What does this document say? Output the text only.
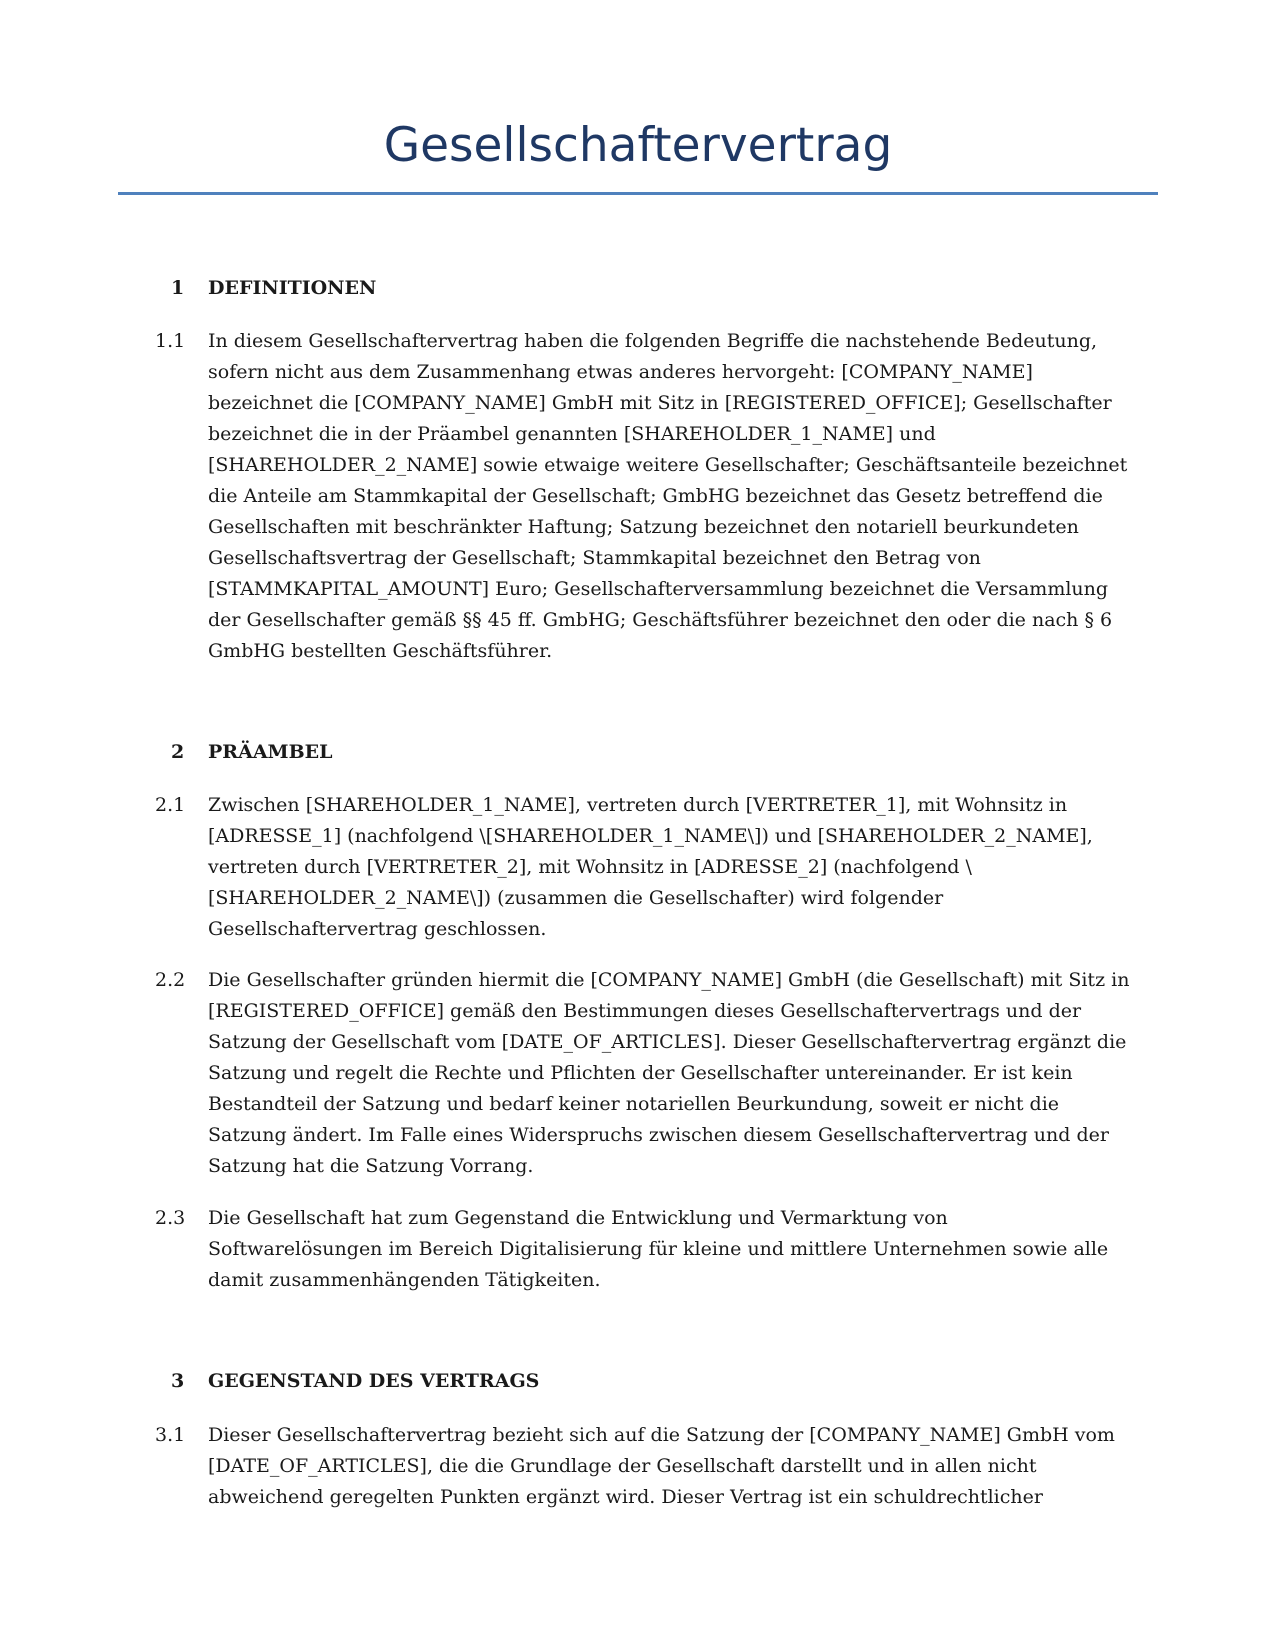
Gesellschaftervertrag
1 DEFINITIONEN
1.1	In diesem Gesellschaftervertrag haben die folgenden Begriffe die nachstehende Bedeutung,
sofern nicht aus dem Zusammenhang etwas anderes hervorgeht: [COMPANY_NAME]
bezeichnet die [COMPANY_NAME] GmbH mit Sitz in [REGISTERED_OFFICE]; Gesellschafter
bezeichnet die in der Präambel genannten [SHAREHOLDER_1_NAME] und
[SHAREHOLDER_2_NAME] sowie etwaige weitere Gesellschafter; Geschäftsanteile bezeichnet
die Anteile am Stammkapital der Gesellschaft; GmbHG bezeichnet das Gesetz betreffend die
Gesellschaften mit beschränkter Haftung; Satzung bezeichnet den notariell beurkundeten
Gesellschaftsvertrag der Gesellschaft; Stammkapital bezeichnet den Betrag von
[STAMMKAPITAL_AMOUNT] Euro; Gesellschafterversammlung bezeichnet die Versammlung
der Gesellschafter gemäß §§ 45 ff. GmbHG; Geschäftsführer bezeichnet den oder die nach § 6
GmbHG bestellten Geschäftsführer.
2 PRÄAMBEL
2.1	Zwischen [SHAREHOLDER_1_NAME], vertreten durch [VERTRETER_1], mit Wohnsitz in
[ADRESSE_1] (nachfolgend \[SHAREHOLDER_1_NAME\]) und [SHAREHOLDER_2_NAME],
vertreten durch [VERTRETER_2], mit Wohnsitz in [ADRESSE_2] (nachfolgend \
[SHAREHOLDER_2_NAME\]) (zusammen die Gesellschafter) wird folgender
Gesellschaftervertrag geschlossen.
2.2	Die Gesellschafter gründen hiermit die [COMPANY_NAME] GmbH (die Gesellschaft) mit Sitz in
[REGISTERED_OFFICE] gemäß den Bestimmungen dieses Gesellschaftervertrags und der
Satzung der Gesellschaft vom [DATE_OF_ARTICLES]. Dieser Gesellschaftervertrag ergänzt die
Satzung und regelt die Rechte und Pflichten der Gesellschafter untereinander. Er ist kein
Bestandteil der Satzung und bedarf keiner notariellen Beurkundung, soweit er nicht die
Satzung ändert. Im Falle eines Widerspruchs zwischen diesem Gesellschaftervertrag und der
Satzung hat die Satzung Vorrang.
2.3	Die Gesellschaft hat zum Gegenstand die Entwicklung und Vermarktung von
Softwarelösungen im Bereich Digitalisierung für kleine und mittlere Unternehmen sowie alle
damit zusammenhängenden Tätigkeiten.
3 GEGENSTAND DES VERTRAGS
3.1	Dieser Gesellschaftervertrag bezieht sich auf die Satzung der [COMPANY_NAME] GmbH vom
[DATE_OF_ARTICLES], die die Grundlage der Gesellschaft darstellt und in allen nicht
abweichend geregelten Punkten ergänzt wird. Dieser Vertrag ist ein schuldrechtlicher
